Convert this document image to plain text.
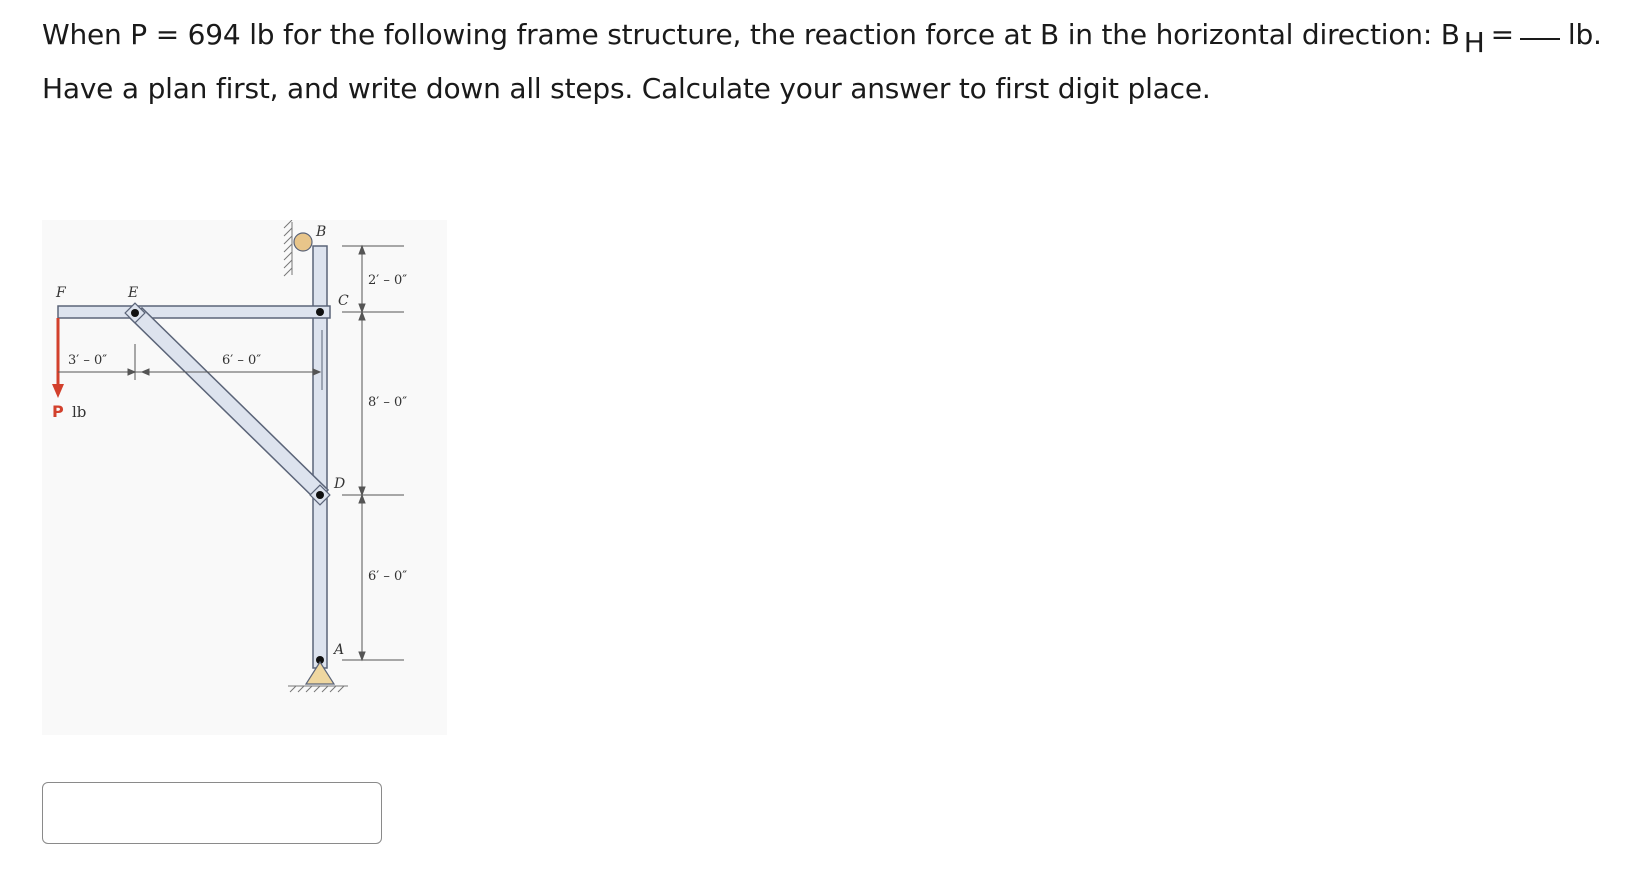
When P = 694 lb for the following frame structure, the reaction force at B in the horizontal direction: B H = lb.
Have a plan first, and write down all steps. Calculate your answer to first digit place.
B
C
D
A
E
F
P lb
3′ – 0″	6′ – 0″
2′ – 0″
8′ – 0″
6′ – 0″
